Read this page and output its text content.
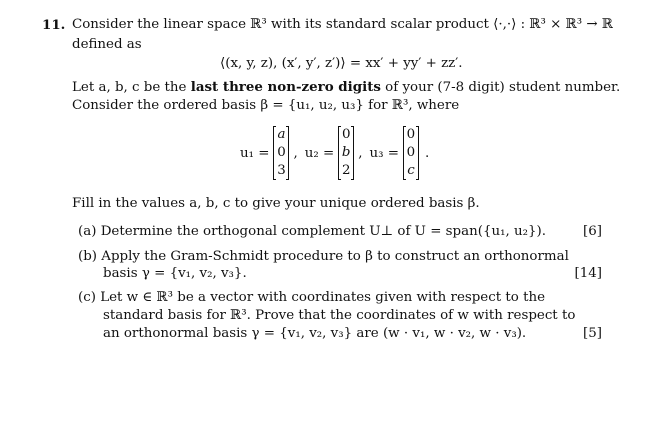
11. Consider the linear space ℝ³ with its standard scalar product ⟨·,·⟩ : ℝ³ × ℝ³ → ℝ
defined as
⟨(x, y, z), (x′, y′, z′)⟩ = xx′ + yy′ + zz′.
Let a, b, c be the last three non-zero digits of your (7-8 digit) student number.
Consider the ordered basis β = {u₁, u₂, u₃} for ℝ³, where
u₁ =
a
0
3
, u₂ =
0
b
2
, u₃ =
0
0
c
.
Fill in the values a, b, c to give your unique ordered basis β.
(a) Determine the orthogonal complement U⊥ of U = span({u₁, u₂}).	[6]
(b) Apply the Gram-Schmidt procedure to β to construct an orthonormal
basis γ = {v₁, v₂, v₃}.	[14]
(c) Let w ∈ ℝ³ be a vector with coordinates given with respect to the
standard basis for ℝ³. Prove that the coordinates of w with respect to
an orthonormal basis γ = {v₁, v₂, v₃} are (w · v₁, w · v₂, w · v₃).	[5]
